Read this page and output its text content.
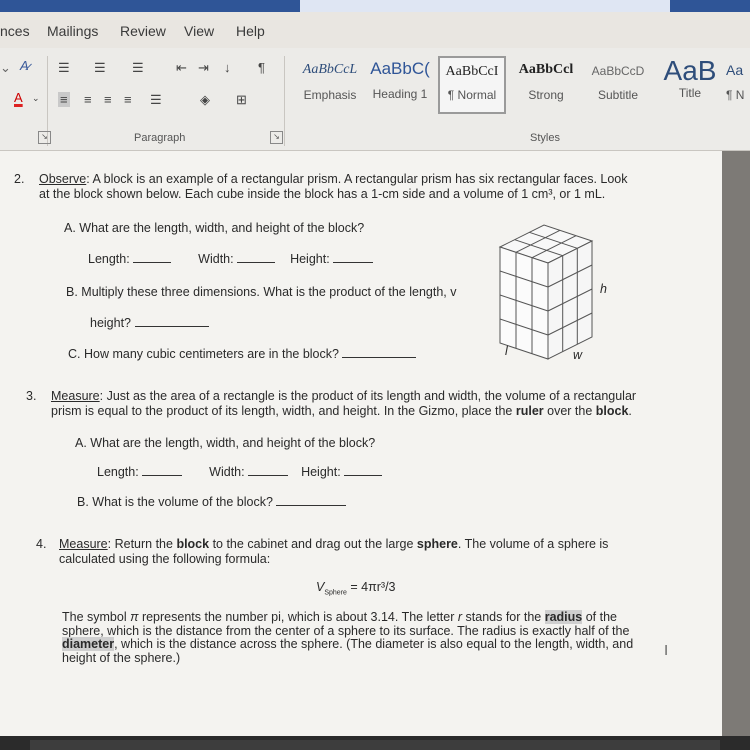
nces Mailings Review View Help
⌄ A̷
A ⌄
☰ ☰ ☰ ⇤ ⇥ ↓ ¶
≡ ≡ ≡ ≡ ☰	◈ ⊞
Paragraph
↘	↘
AaBbCcL
Emphasis
AaBbC(
Heading 1
AaBbCcI
¶ Normal
AaBbCcl
Strong
AaBbCcD
Subtitle
AaB
Title
Aa
¶ N
Styles
2. Observe: A block is an example of a rectangular prism. A rectangular prism has six rectangular faces. Look
at the block shown below. Each cube inside the block has a 1-cm side and a volume of 1 cm³, or 1 mL.
A. What are the length, width, and height of the block?
Length:	Width:	Height:
B. Multiply these three dimensions. What is the product of the length, v
height?
C. How many cubic centimeters are in the block?
h
l	w
3. Measure: Just as the area of a rectangle is the product of its length and width, the volume of a rectangular
prism is equal to the product of its length, width, and height. In the Gizmo, place the ruler over the block.
A. What are the length, width, and height of the block?
Length:	Width:	Height:
B. What is the volume of the block?
4. Measure: Return the block to the cabinet and drag out the large sphere. The volume of a sphere is
calculated using the following formula:
$V_{Sphere} = 4\pi r^3/3$
The symbol π represents the number pi, which is about 3.14. The letter r stands for the radius of the
sphere, which is the distance from the center of a sphere to its surface. The radius is exactly half of the
diameter, which is the distance across the sphere. (The diameter is also equal to the length, width, and
height of the sphere.)	I
